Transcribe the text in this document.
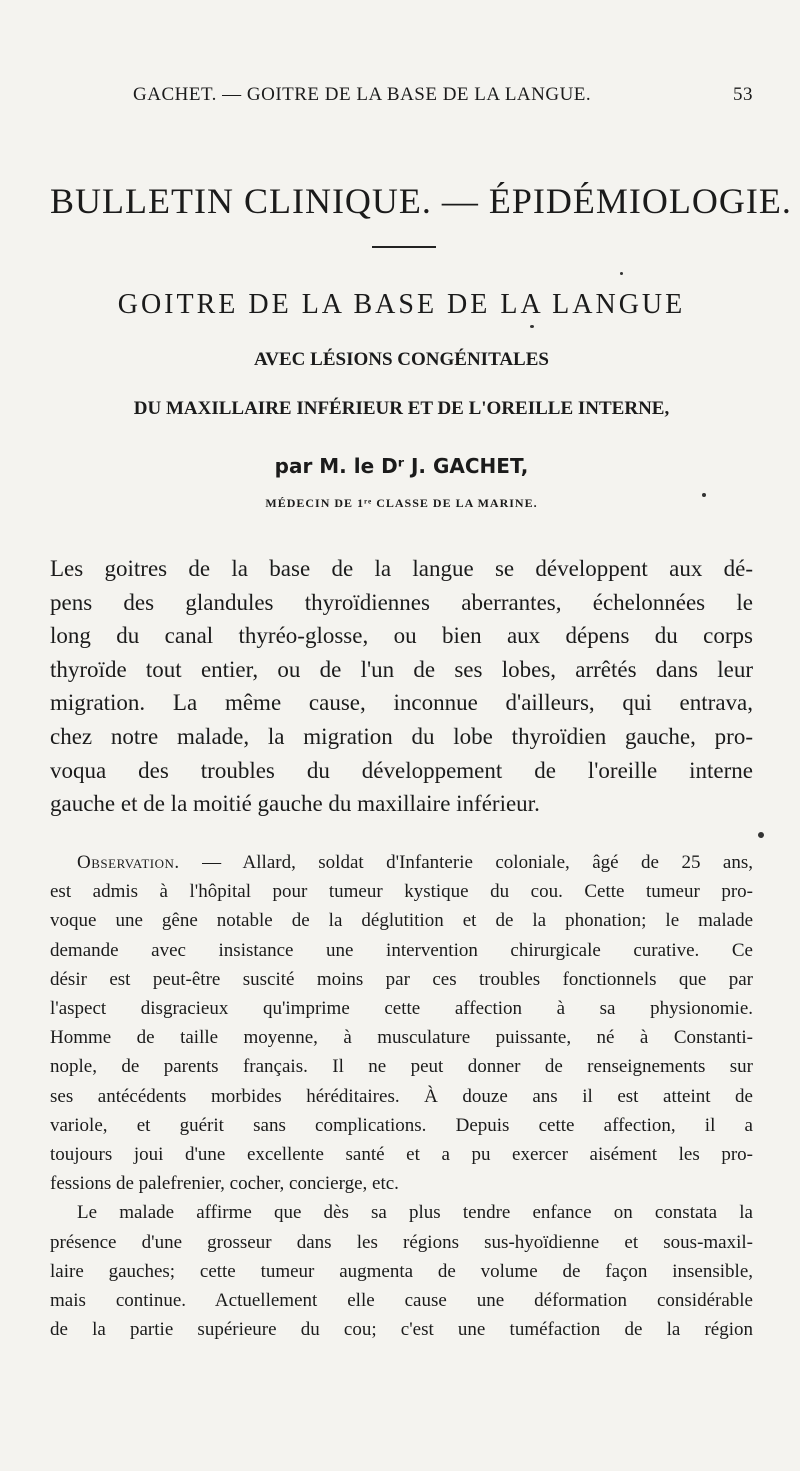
GACHET. — GOITRE DE LA BASE DE LA LANGUE.	53
BULLETIN CLINIQUE. — ÉPIDÉMIOLOGIE.
GOITRE DE LA BASE DE LA LANGUE
AVEC LÉSIONS CONGÉNITALES
DU MAXILLAIRE INFÉRIEUR ET DE L'OREILLE INTERNE,
par M. le Dʳ J. GACHET,
MÉDECIN DE 1ʳᵉ CLASSE DE LA MARINE.
Les goitres de la base de la langue se développent aux dé-
pens des glandules thyroïdiennes aberrantes, échelonnées le
long du canal thyréo-glosse, ou bien aux dépens du corps
thyroïde tout entier, ou de l'un de ses lobes, arrêtés dans leur
migration. La même cause, inconnue d'ailleurs, qui entrava,
chez notre malade, la migration du lobe thyroïdien gauche, pro-
voqua des troubles du développement de l'oreille interne
gauche et de la moitié gauche du maxillaire inférieur.
Observation. — Allard, soldat d'Infanterie coloniale, âgé de 25 ans,
est admis à l'hôpital pour tumeur kystique du cou. Cette tumeur pro-
voque une gêne notable de la déglutition et de la phonation; le malade
demande avec insistance une intervention chirurgicale curative. Ce
désir est peut-être suscité moins par ces troubles fonctionnels que par
l'aspect disgracieux qu'imprime cette affection à sa physionomie.
Homme de taille moyenne, à musculature puissante, né à Constanti-
nople, de parents français. Il ne peut donner de renseignements sur
ses antécédents morbides héréditaires. À douze ans il est atteint de
variole, et guérit sans complications. Depuis cette affection, il a
toujours joui d'une excellente santé et a pu exercer aisément les pro-
fessions de palefrenier, cocher, concierge, etc.
Le malade affirme que dès sa plus tendre enfance on constata la
présence d'une grosseur dans les régions sus-hyoïdienne et sous-maxil-
laire gauches; cette tumeur augmenta de volume de façon insensible,
mais continue. Actuellement elle cause une déformation considérable
de la partie supérieure du cou; c'est une tuméfaction de la région
